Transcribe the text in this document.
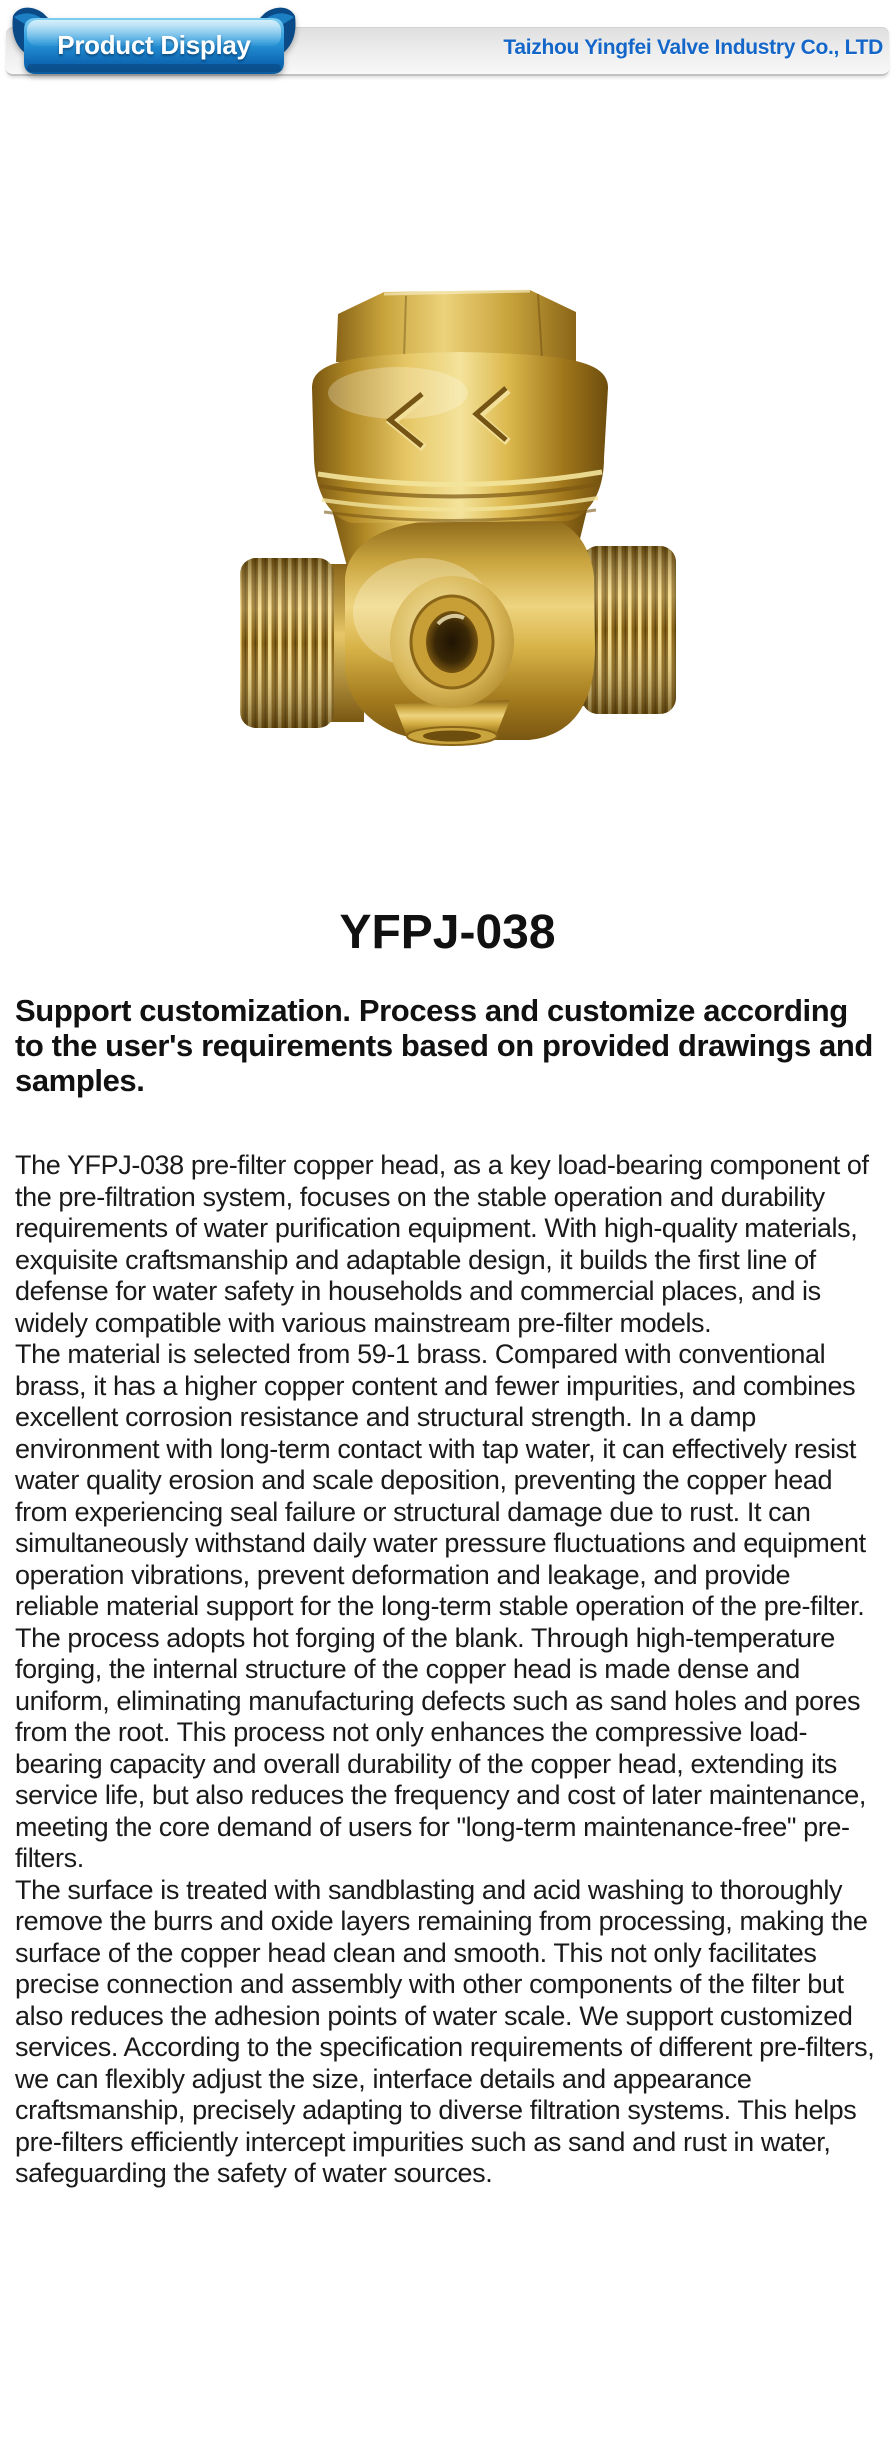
Product Display	Taizhou Yingfei Valve Industry Co., LTD
YFPJ-038
Support customization. Process and customize according to the user's requirements based on provided drawings and samples.

The YFPJ-038 pre-filter copper head, as a key load-bearing component of the pre-filtration system, focuses on the stable operation and durability requirements of water purification equipment. With high-quality materials, exquisite craftsmanship and adaptable design, it builds the first line of defense for water safety in households and commercial places, and is widely compatible with various mainstream pre-filter models.

The material is selected from 59-1 brass. Compared with conventional brass, it has a higher copper content and fewer impurities, and combines excellent corrosion resistance and structural strength. In a damp environment with long-term contact with tap water, it can effectively resist water quality erosion and scale deposition, preventing the copper head from experiencing seal failure or structural damage due to rust. It can simultaneously withstand daily water pressure fluctuations and equipment operation vibrations, prevent deformation and leakage, and provide reliable material support for the long-term stable operation of the pre-filter.

The process adopts hot forging of the blank. Through high-temperature forging, the internal structure of the copper head is made dense and uniform, eliminating manufacturing defects such as sand holes and pores from the root. This process not only enhances the compressive load-bearing capacity and overall durability of the copper head, extending its service life, but also reduces the frequency and cost of later maintenance, meeting the core demand of users for "long-term maintenance-free" pre-filters.

The surface is treated with sandblasting and acid washing to thoroughly remove the burrs and oxide layers remaining from processing, making the surface of the copper head clean and smooth. This not only facilitates precise connection and assembly with other components of the filter but also reduces the adhesion points of water scale. We support customized services. According to the specification requirements of different pre-filters, we can flexibly adjust the size, interface details and appearance craftsmanship, precisely adapting to diverse filtration systems. This helps pre-filters efficiently intercept impurities such as sand and rust in water, safeguarding the safety of water sources.
